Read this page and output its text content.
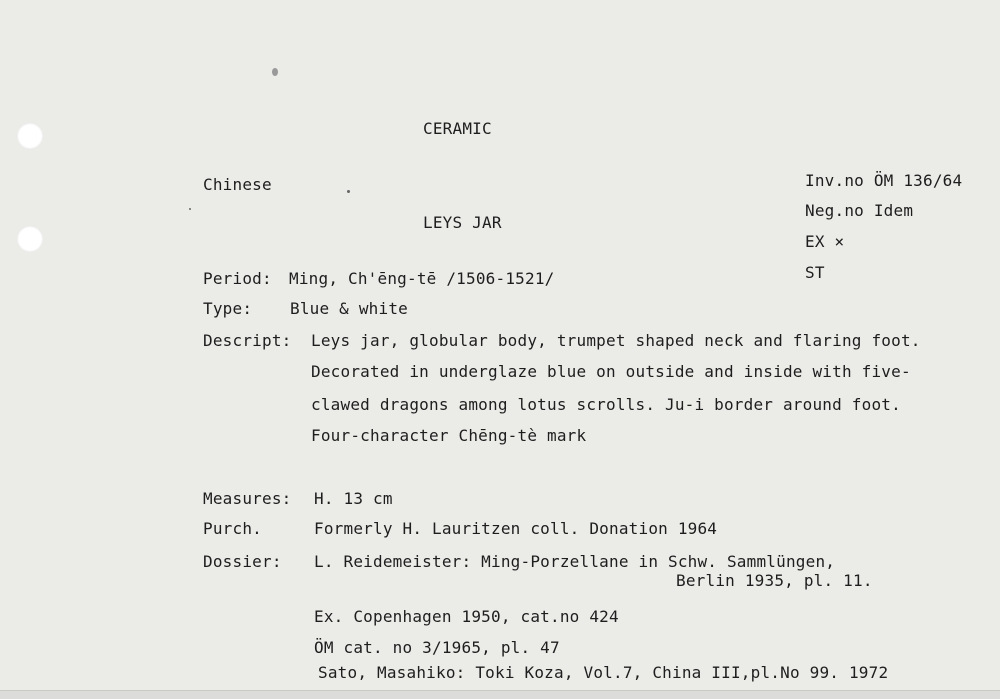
CERAMIC
Chinese
LEYS JAR
Inv.no ÖM 136/64
Neg.no Idem
EX ×
ST
Period: Ming, Ch'ēng-tē /1506-1521/
Type: Blue & white
Descript: Leys jar, globular body, trumpet shaped neck and flaring foot.
Decorated in underglaze blue on outside and inside with five-
clawed dragons among lotus scrolls. Ju-i border around foot.
Four-character Chēng-tè mark
Measures: H. 13 cm
Purch.	Formerly H. Lauritzen coll. Donation 1964
Dossier: L. Reidemeister: Ming-Porzellane in Schw. Sammlüngen,
Berlin 1935, pl. 11.
Ex. Copenhagen 1950, cat.no 424
ÖM cat. no 3/1965, pl. 47
Sato, Masahiko: Toki Koza, Vol.7, China III,pl.No 99. 1972
